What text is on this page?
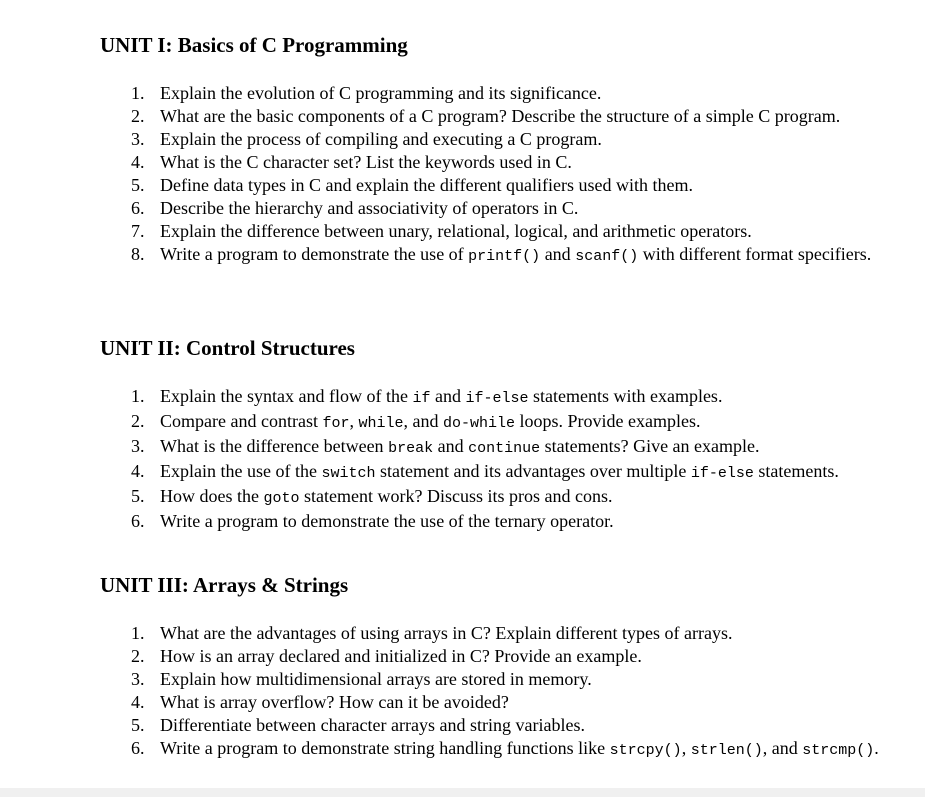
UNIT I: Basics of C Programming
1. Explain the evolution of C programming and its significance.
2. What are the basic components of a C program? Describe the structure of a simple C program.
3. Explain the process of compiling and executing a C program.
4. What is the C character set? List the keywords used in C.
5. Define data types in C and explain the different qualifiers used with them.
6. Describe the hierarchy and associativity of operators in C.
7. Explain the difference between unary, relational, logical, and arithmetic operators.
8. Write a program to demonstrate the use of printf() and scanf() with different format specifiers.
UNIT II: Control Structures
1. Explain the syntax and flow of the if and if-else statements with examples.
2. Compare and contrast for, while, and do-while loops. Provide examples.
3. What is the difference between break and continue statements? Give an example.
4. Explain the use of the switch statement and its advantages over multiple if-else statements.
5. How does the goto statement work? Discuss its pros and cons.
6. Write a program to demonstrate the use of the ternary operator.
UNIT III: Arrays & Strings
1. What are the advantages of using arrays in C? Explain different types of arrays.
2. How is an array declared and initialized in C? Provide an example.
3. Explain how multidimensional arrays are stored in memory.
4. What is array overflow? How can it be avoided?
5. Differentiate between character arrays and string variables.
6. Write a program to demonstrate string handling functions like strcpy(), strlen(), and strcmp().
